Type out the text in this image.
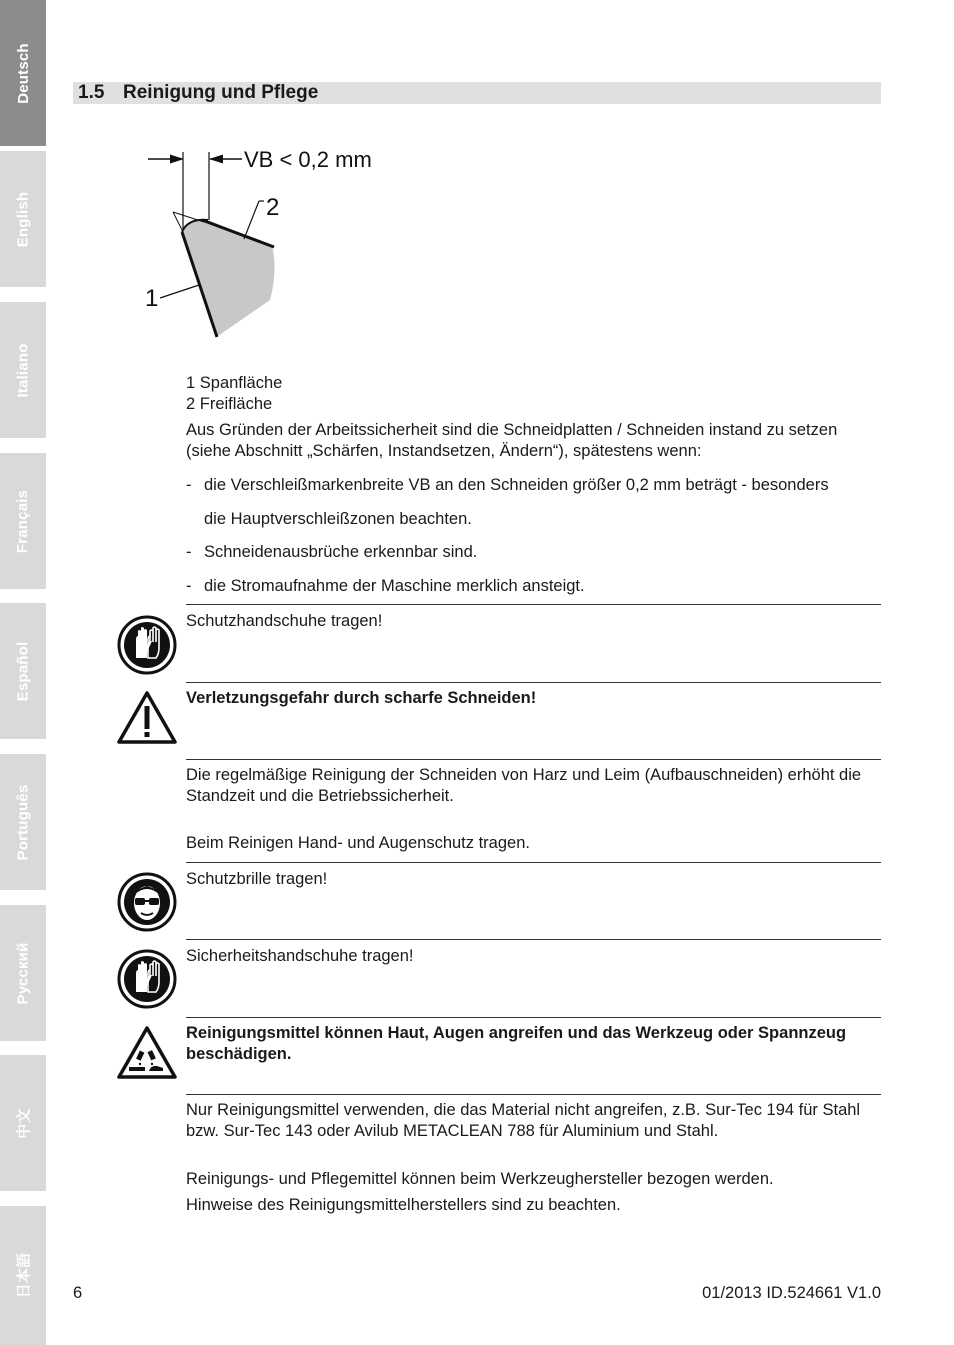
Deutsch
English
Italiano
Français
Español
Português
Русский
中文
日本語
1.5 Reinigung und Pflege
VB < 0,2 mm
2
1
1 Spanfläche
2 Freifläche
Aus Gründen der Arbeitssicherheit sind die Schneidplatten / Schneiden instand zu setzen (siehe Abschnitt „Schärfen, Instandsetzen, Ändern“), spätestens wenn:
- die Verschleißmarkenbreite VB an den Schneiden größer 0,2 mm beträgt - besonders
die Hauptverschleißzonen beachten.
- Schneidenausbrüche erkennbar sind.
- die Stromaufnahme der Maschine merklich ansteigt.
Schutzhandschuhe tragen!
Verletzungsgefahr durch scharfe Schneiden!
Die regelmäßige Reinigung der Schneiden von Harz und Leim (Aufbauschneiden) erhöht die Standzeit und die Betriebssicherheit.
Beim Reinigen Hand- und Augenschutz tragen.
Schutzbrille tragen!
Sicherheitshandschuhe tragen!
Reinigungsmittel können Haut, Augen angreifen und das Werkzeug oder Spannzeug beschädigen.
Nur Reinigungsmittel verwenden, die das Material nicht angreifen, z.B. Sur-Tec 194 für Stahl bzw. Sur-Tec 143 oder Avilub METACLEAN 788 für Aluminium und Stahl.
Reinigungs- und Pflegemittel können beim Werkzeughersteller bezogen werden.
Hinweise des Reinigungsmittelherstellers sind zu beachten.
6	01/2013 ID.524661 V1.0
